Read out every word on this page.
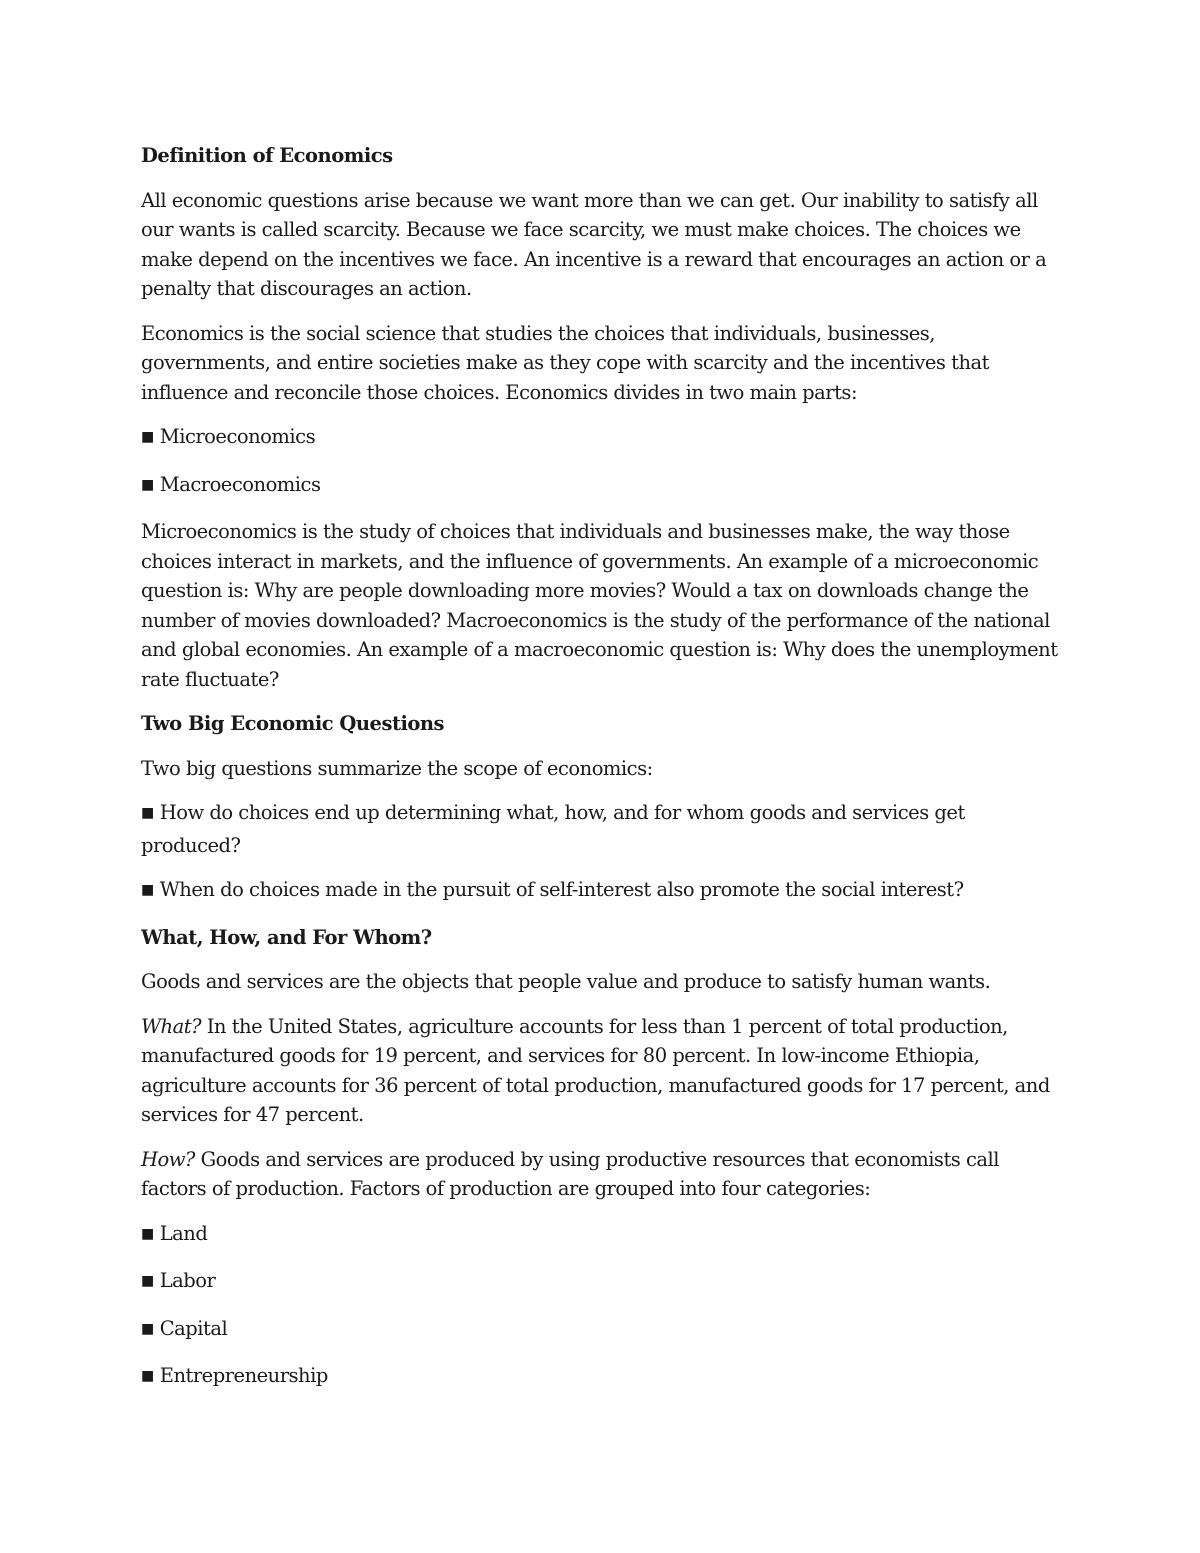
Definition of Economics

All economic questions arise because we want more than we can get. Our inability to satisfy all our wants is called scarcity. Because we face scarcity, we must make choices. The choices we make depend on the incentives we face. An incentive is a reward that encourages an action or a penalty that discourages an action.

Economics is the social science that studies the choices that individuals, businesses, governments, and entire societies make as they cope with scarcity and the incentives that influence and reconcile those choices. Economics divides in two main parts:

■ Microeconomics

■ Macroeconomics

Microeconomics is the study of choices that individuals and businesses make, the way those choices interact in markets, and the influence of governments. An example of a microeconomic question is: Why are people downloading more movies? Would a tax on downloads change the number of movies downloaded? Macroeconomics is the study of the performance of the national and global economies. An example of a macroeconomic question is: Why does the unemployment rate fluctuate?

Two Big Economic Questions

Two big questions summarize the scope of economics:

■ How do choices end up determining what, how, and for whom goods and services get produced?

■ When do choices made in the pursuit of self-interest also promote the social interest?

What, How, and For Whom?

Goods and services are the objects that people value and produce to satisfy human wants.

What? In the United States, agriculture accounts for less than 1 percent of total production, manufactured goods for 19 percent, and services for 80 percent. In low-income Ethiopia, agriculture accounts for 36 percent of total production, manufactured goods for 17 percent, and services for 47 percent.

How? Goods and services are produced by using productive resources that economists call factors of production. Factors of production are grouped into four categories:

■ Land

■ Labor

■ Capital

■ Entrepreneurship
